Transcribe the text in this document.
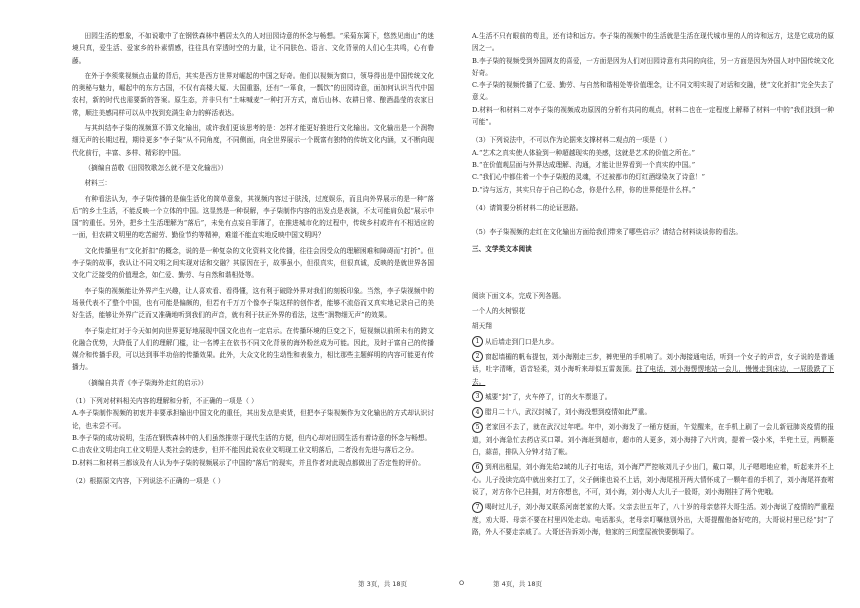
田园生活的想象，不如说歌中了在钢铁森林中栖居太久的人对田园诗意的怀念与畅想。“采菊东篱下，悠然见南山”的迷境只真，爱生活、爱家乡的朴素情感，往往具有穿透时空的力量，让不同肤色、语言、文化背景的人们心生共鸣，心有眷藤。

在外于李须棠视频点击量的背后，其实是西方世界对崛起的中国之好奇。他们以视频为窗口，领导得出是中国传统文化的奥秘与魅力，崛起中的东方古国，不仅有高楼大厦、大国重器，还有“一箪食，一瓢饮”的田园诗意，面加何认识当代中国农村，新的时代也需要新的答案。原生态，并非只有“土味喊麦”一种打开方式，南后山林、农耕日常、酿酒晶莹的农家日常，顺注美感同样可以从中找到充满生命力的鲜活表达。

与其纠结李子柒的视频算不算文化输出，或许我们更该思考的是：怎样才能更好推进行文化输出。文化输出是一个润物细无声的长期过程，期待更多“李子柒”从不同角度，不同侧面，向全世界展示一个既富有独特的传统文化内涵，又不断向现代化前行，丰富、多样、精彩的中国。

（摘编自苗敬《田园牧歌怎么就不是文化输出》）

材料三：

有种看法认为，李子柒传播的是偏生活化的简单意象，其视频内容过于肤浅，过度娱乐，而且向外界展示的是一种“落后”的乡土生活，不能反映一个立体的中国。这显然是一种误解，李子柒制作内容的出发点是表演，不太可能肩负起“展示中国”的重任。另外，把乡土生活理解为“落后”，未免有点妄自菲薄了，在推进城市化的过程中，传统乡村或许有不相适应的一面，但农耕文明里的吃苦耐劳、勤俭节约等精神，难道不能直实地反映中国文明吗？

文化传播里有“文化折扣”的概念，说的是一种复杂的文化资料文化传播，往往会因受众的理解困难和障碍而“打折”。但李子柒的故事，我认让不同文明之间实现对话和交融？其原因在于，故事虽小，但很真实，但很真诚，反映的是就世界各国文化广泛接受的价值理念，如仁爱、勤劳、与自然和谐相处等。

李子柒的视频能让外界产生兴趣，让人喜欢看、看得懂，这有利于破除外界对我们的刻板印象。当然，李子柒视频中的场景代表不了整个中国，也有可能是偏颇的，但若有千万万个像李子柒这样的创作者，能够不流俗而又真实地记录自己的美好生活，能够让外界广泛而又准确地听到我们的声音，就有利于扶正外界的看法，这些“润物细无声”的效果。

李子柒走红对于今天如何向世界更好地展现中国文化也有一定启示。在传播环境的巨变之下，短视频以前所未有的跨文化融合优势，大降低了人们的理解门槛，让一名博主在依书不同文化背景的海外粉丝成为可能。因此，及时于富自己的传播媒介和传播手段，可以达到事半功倍的传播效果。此外，大众文化的生动性和表象力，相比那些主题鲜明的内容可能更有传播力。

（摘编自共青《李子柒海外走红的启示》）

（1）下列对材料相关内容的理解和分析，不正确的一项是（ ）

A.李子柒制作视频的初衷并非要承担输出中国文化的重任，其出发点是卖货，但把李子柒视频作为文化输出的方式却认识讨论，也未尝不可。

B.李子柒的成功说明，生活在钢铁森林中的人们虽然推崇于现代生活的方便，但内心却对田园生活有着诗意的怀念与畅想。

C.由农业文明走向工业文明是人类社会的进步，但并不能因此说农业文明现工业文明落后，二者没有先进与落后之分。

D.材料二和材料三都该及有人认为李子柒的视频展示了中国的“落后”的现实，并且作者对此现点都做出了否定性的评价。

（2）根据原文内容，下列说法不正确的一项是（ ）

A.生活不只有眼前的苟且，还有诗和远方。李子柒的视频中的生活就是生活在现代城市里的人的诗和远方，这是它成功的原因之一。

B.李子柒的视频受到外国网友的喜爱，一方面是因为人们对田园诗意有共同的向往，另一方面是因为外国人对中国传统文化好奇。

C.李子柒的视频传播了仁爱、勤劳、与自然和谐相处等价值理念，让不同文明实现了对话和交融，使“文化折扣”完全失去了意义。

D.材料一和材料二对李子柒的视频成功原因的分析有共同的观点，材料二也在一定程度上解释了材料一中的“我们找到一种可能”。

（3）下列说法中，不可以作为论据来支撑材料二观点的一项是（ ）

A.“艺术之真实使人体验到一种超越现实的美感，这就是艺术的价值之所在。”

B.“在价值观层面与外界达成理解、沟通，才能让世界看到一个真实的中国。”

C.“我们心中都住着一个李子柒般的灵魂，不过被都市的灯红酒绿染灰了诗意！”

D.“诗与远方，其实只存于自己的心念，你是什么样，你的世界便是什么样。”

（4）请简要分析材料二的论证思路。

（5）李子柒视频的走红在文化输出方面给我们带来了哪些启示？请结合材料谈谈你的看法。

三、文学类文本阅读

阅读下面文本，完成下列各题。

一个人的火树银花

胡天翔

1 从后墙走到门口是九步。

2 窗起墙楣的帆布提包，刘小海刚走三步，裤兜里的手机响了。刘小海接通电话，听到一个女子的声音，女子说的是普通话，吐字清晰，语音轻柔，刘小海听来却似五雷轰顶。拄了电话，刘小海愣愣地站一会儿，慢慢走到床边，一屁股跌了下去。

3 城要“封”了，火车停了，订的火车票退了。

4 腊月二十八，武汉封城了，刘小海没想到疫情如此严重。

5 老家回不去了，就在武汉过年吧。年中，刘小海发了一桶方便面，午觉醒来，在手机上刷了一会儿新冠肺炎疫情的报道，刘小海急忙去药店买口罩。刘小海赶到超市，超市的人更多，刘小海排了六片肉，提着一袋小米，半兜土豆，两颗菱白，蒜苗，排队入分钟才结了帐。

6 到刑出租屋，刘小海先给2域的儿子打电话，刘小海严严控咳刘儿子少出门，戴口罩，儿子嗯嗯地应着，听起来并不上心。儿子没读完高中就出来打工了，父子俩谁也说不上话，刘小海尾根开两大情怀成了一颗年看的手机了，刘小海尾祥查咐说了，对方你个已挂拥，对方你想也，不可，刘小海，刘小海人大儿子一股哥，刘小海刚挂了两个兜哦。

7 喝时过儿子，刘小海又联系河南老家的大哥。父亲去世五年了，八十岁的母亲慈祥大哥生活。刘小海说了疫情的严重程度，劝大哥、母亲不要在村里四处走动。电话那头，老母亲叮嘱他别外出，大哥提醒他备好吃的，大哥说村里已经“封”了路，外人不要走亲戚了。大哥还告诉刘小海，他家的三间堂屋被快要倒塌了。

第 3页，共 18页	O	第 4页，共 18页
